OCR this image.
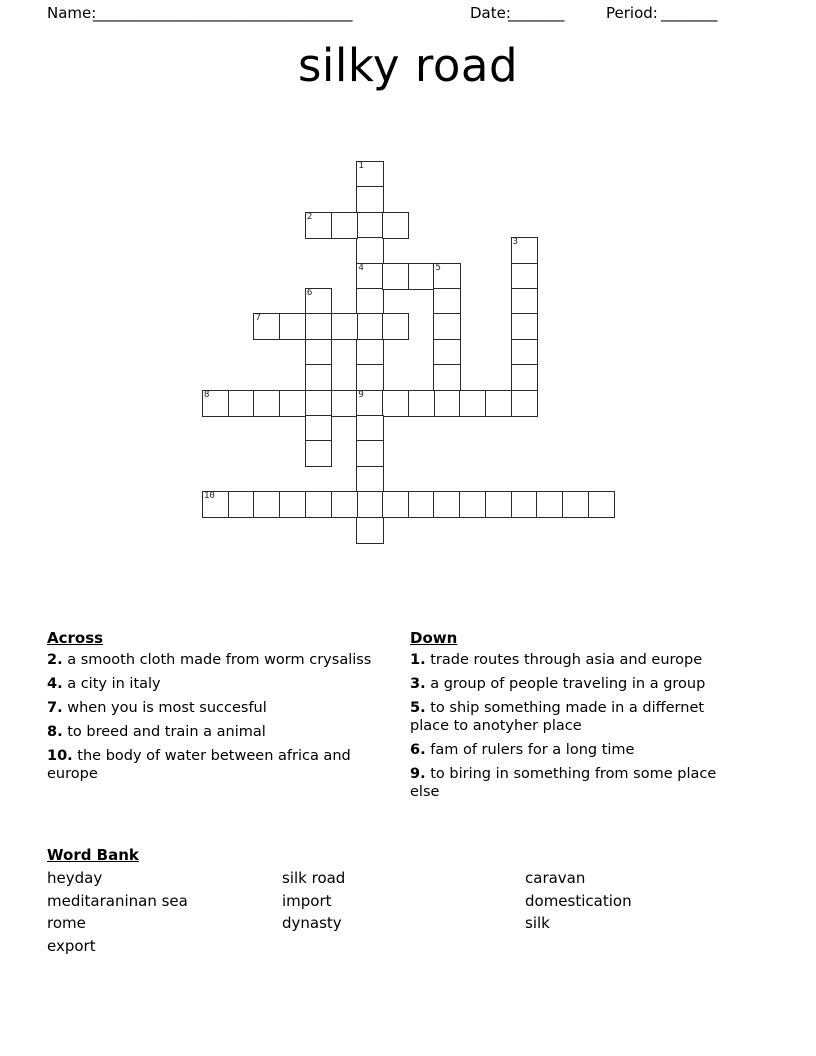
Name:
_____________________________________	Date:
________	Period: ________
silky road
1
4
2
3
5
6
7
8	9
10
Across
2. a smooth cloth made from worm crysaliss
4. a city in italy
7. when you is most succesful
8. to breed and train a animal
10. the body of water between africa and europe
Down
1. trade routes through asia and europe
3. a group of people traveling in a group
5. to ship something made in a differnet place to anotyher place
6. fam of rulers for a long time
9. to biring in something from some place else
Word Bank
heyday
meditaraninan sea
rome
export
silk road
import
dynasty
caravan
domestication
silk
